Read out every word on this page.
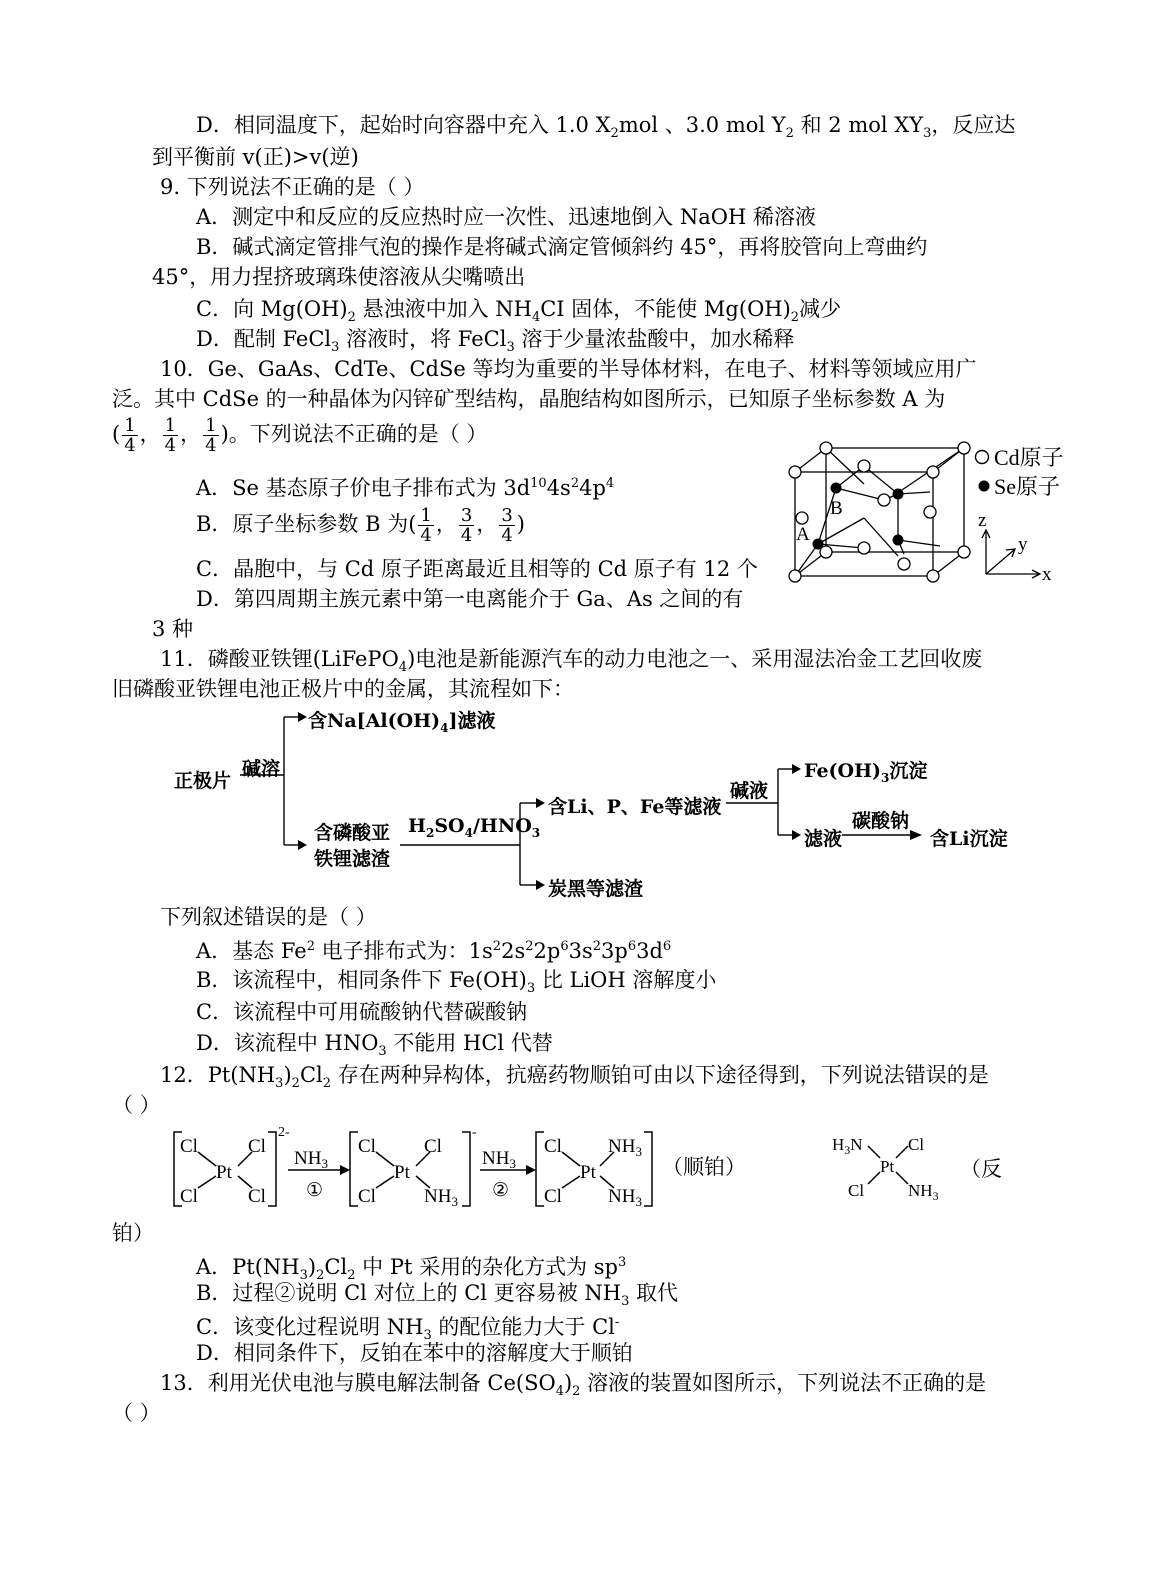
D．相同温度下，起始时向容器中充入 1.0 $X_2mol$ 、3.0 mol $Y_2$ 和 2 mol $XY_3$，反应达
到平衡前 v(正)>v(逆)
9. 下列说法不正确的是（ ）
A．测定中和反应的反应热时应一次性、迅速地倒入 NaOH 稀溶液
B．碱式滴定管排气泡的操作是将碱式滴定管倾斜约 45°，再将胶管向上弯曲约
45°，用力捏挤玻璃珠使溶液从尖嘴喷出
C．向 $Mg(OH)_2$ 悬浊液中加入 $NH_4CI$ 固体，不能使 $Mg(OH)_2$减少
D．配制 FeCl$_3$ 溶液时，将 FeCl$_3$ 溶于少量浓盐酸中，加水稀释
10．Ge、GaAs、CdTe、CdSe 等均为重要的半导体材料，在电子、材料等领域应用广
泛。其中 CdSe 的一种晶体为闪锌矿型结构，晶胞结构如图所示，已知原子坐标参数 A 为
( $\frac{1}{4}$ ， $\frac{1}{4}$ ， $\frac{1}{4}$ )。下列说法不正确的是（ ）
A．Se 基态原子价电子排布式为 $3d^{10}4s^24p^4$
B．原子坐标参数 B 为( $\frac{1}{4}$ ， $\frac{3}{4}$ ， $\frac{3}{4}$ )
C．晶胞中，与 Cd 原子距离最近且相等的 Cd 原子有 12 个
D．第四周期主族元素中第一电离能介于 Ga、As 之间的有
3 种
B
A
Cd原子
Se原子
z
y
x
11．磷酸亚铁锂(LiFePO$_4$)电池是新能源汽车的动力电池之一、采用湿法冶金工艺回收废
旧磷酸亚铁锂电池正极片中的金属，其流程如下：
含$Na[Al(OH)_4]$滤液
正极片
碱溶
含磷酸亚
铁锂滤渣
$H_2SO_4/HNO_3$
含Li、P、Fe等滤液
炭黑等滤渣
碱液
$Fe(OH)_3$沉淀
滤液
碳酸钠
含Li沉淀
下列叙述错误的是（ ）
A．基态 Fe$^2$ 电子排布式为：$1s^22s^22p^63s^23p^63d^6$
B．该流程中，相同条件下 $Fe(OH)_3$ 比 LiOH 溶解度小
C．该流程中可用硫酸钠代替碳酸钠
D．该流程中 $HNO_3$ 不能用 HCl 代替
12．$Pt(NH_3)_2Cl_2$ 存在两种异构体，抗癌药物顺铂可由以下途径得到，下列说法错误的是
（ ）
Cl	Cl
Pt
Cl	Cl
2-
$NH_3$
①
Cl	Cl
Pt
Cl	$NH_3$
-
$NH_3$
②
Cl $NH_3$
Pt
Cl $NH_3$
（顺铂）
$H_3N$	Cl
Pt
Cl	$NH_3$
（反
铂）
A．$Pt(NH_3)_2Cl_2$ 中 Pt 采用的杂化方式为 $sp^3$
B．过程②说明 Cl 对位上的 Cl 更容易被 $NH_3$ 取代
C．该变化过程说明 $NH_3$ 的配位能力大于 Cl-
D．相同条件下，反铂在苯中的溶解度大于顺铂
13．利用光伏电池与膜电解法制备 $Ce(SO_4)_2$ 溶液的装置如图所示，下列说法不正确的是
（ ）
